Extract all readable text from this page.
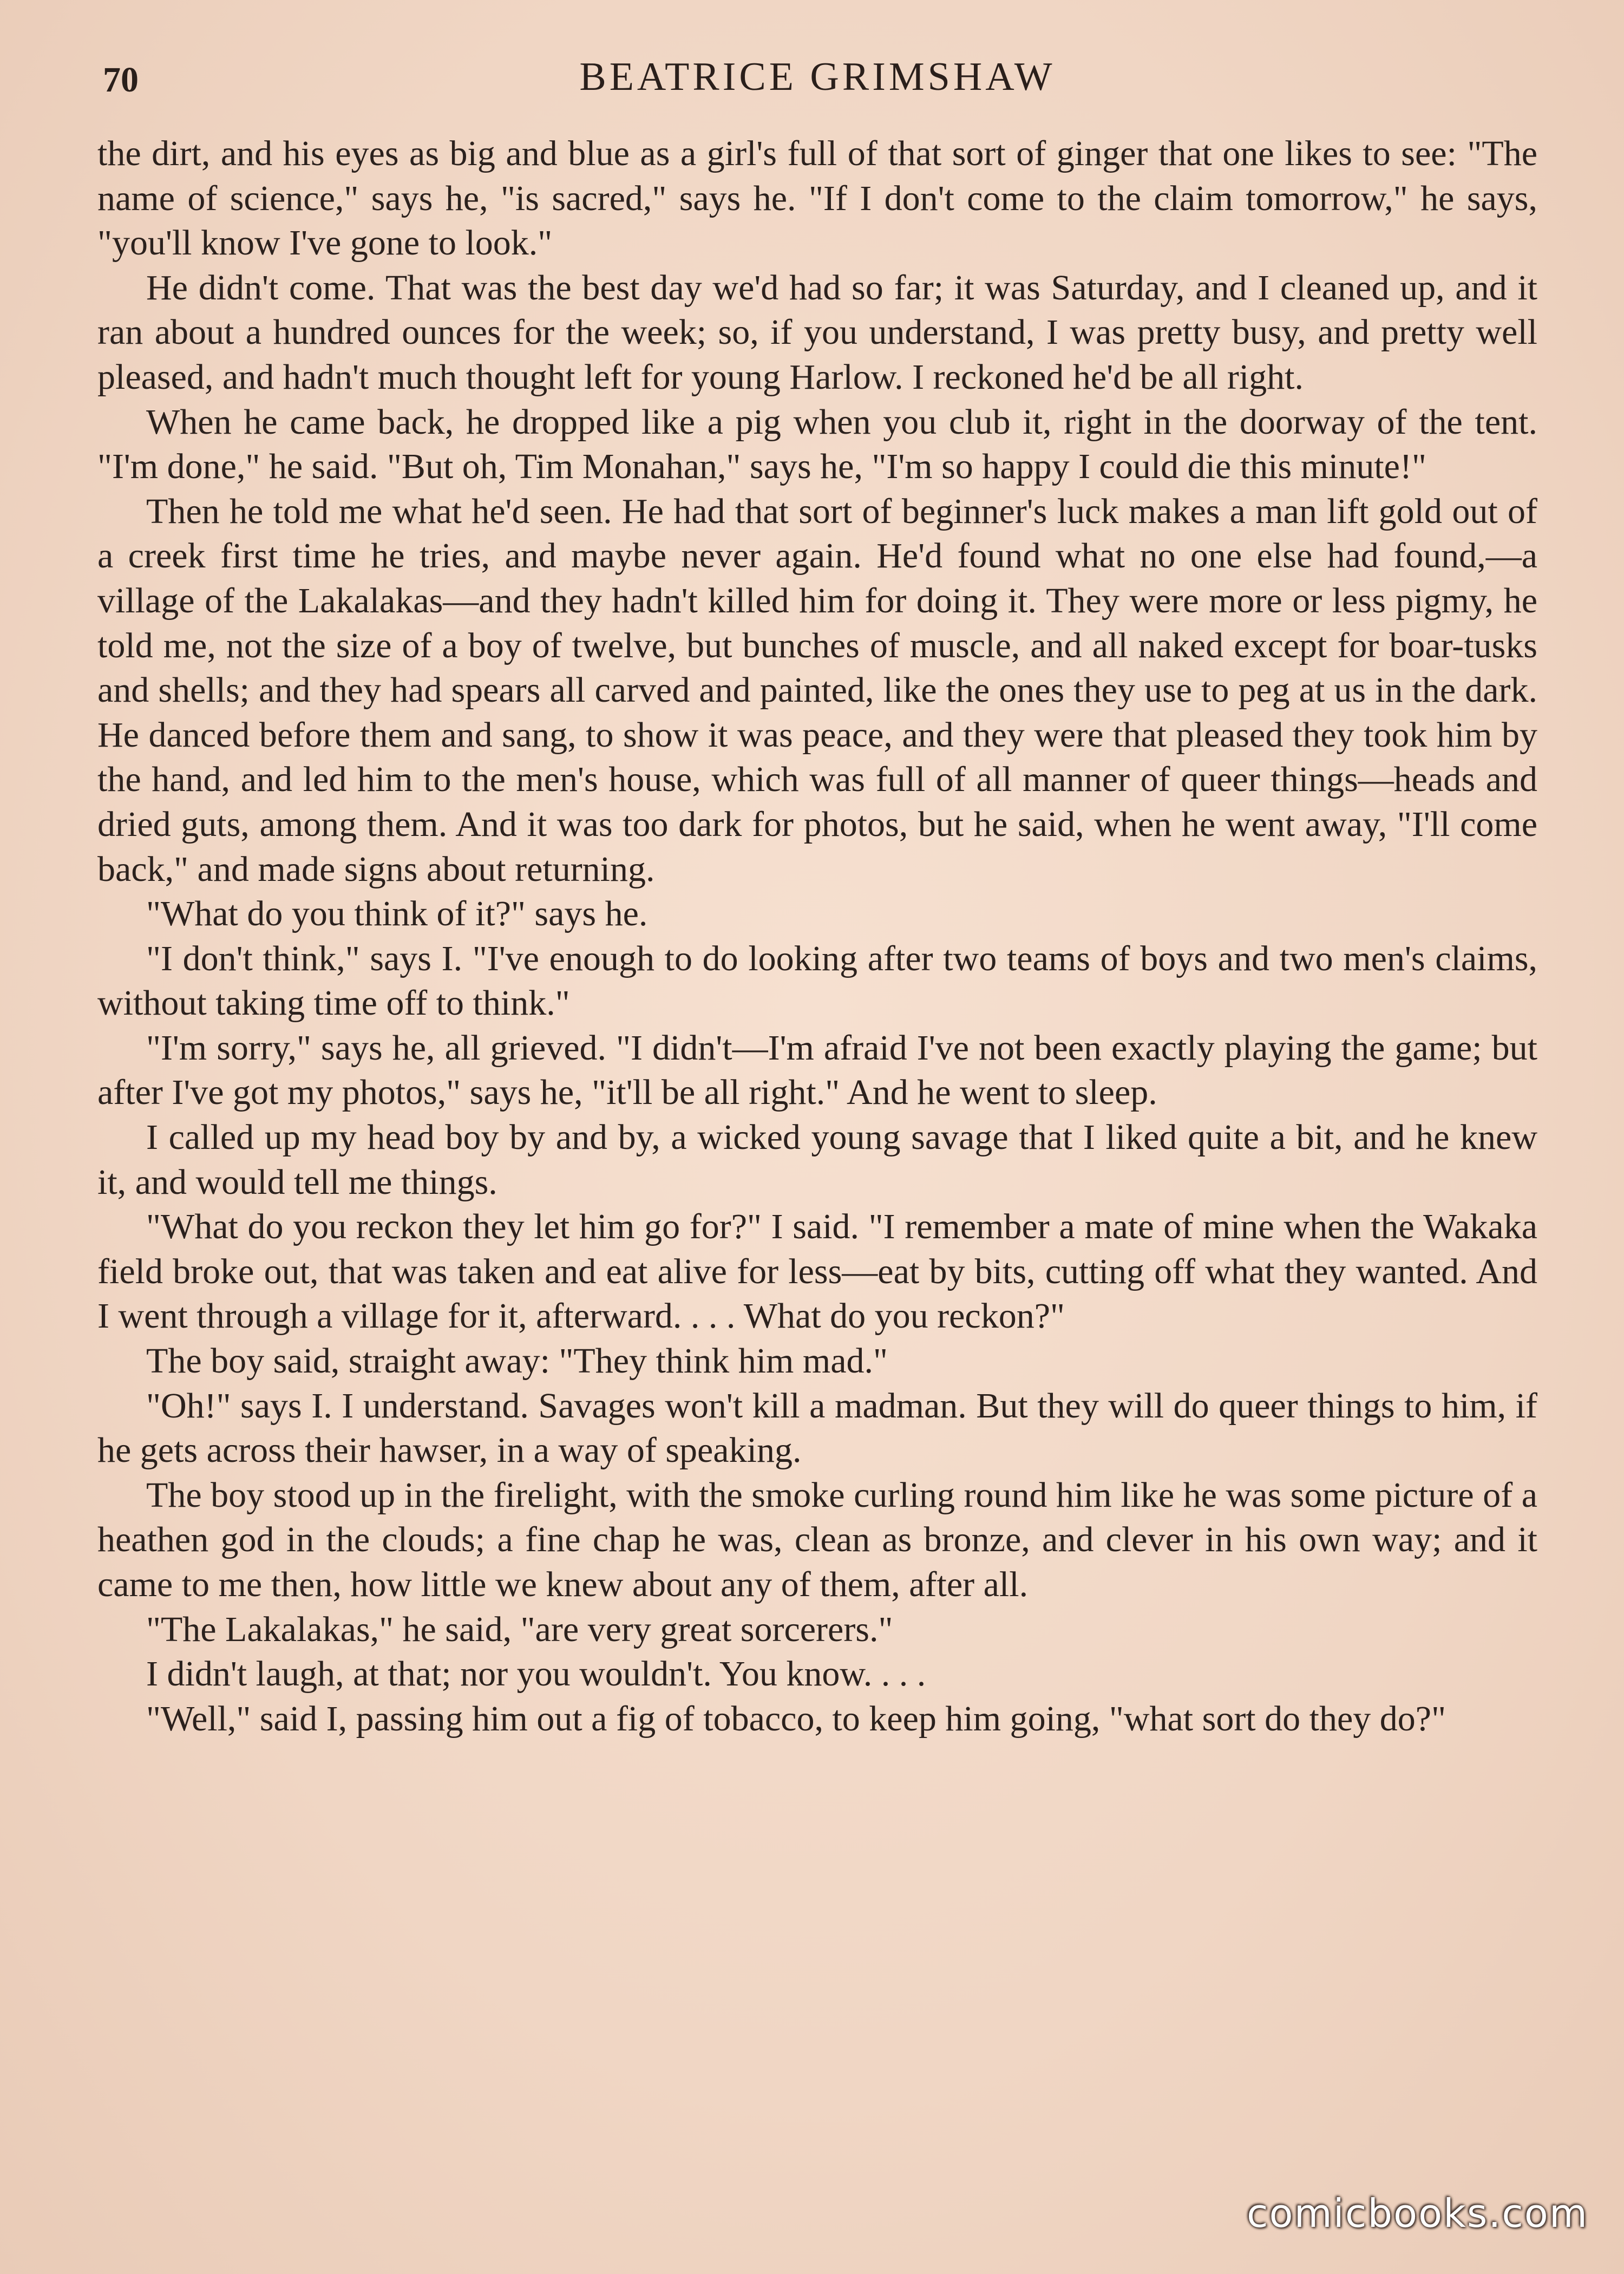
70	BEATRICE GRIMSHAW

the dirt, and his eyes as big and blue as a girl's full of that sort of ginger that one likes to see: "The name of science," says he, "is sacred," says he. "If I don't come to the claim tomorrow," he says, "you'll know I've gone to look."

He didn't come. That was the best day we'd had so far; it was Saturday, and I cleaned up, and it ran about a hundred ounces for the week; so, if you understand, I was pretty busy, and pretty well pleased, and hadn't much thought left for young Harlow. I reckoned he'd be all right.

When he came back, he dropped like a pig when you club it, right in the doorway of the tent. "I'm done," he said. "But oh, Tim Monahan," says he, "I'm so happy I could die this minute!"

Then he told me what he'd seen. He had that sort of beginner's luck makes a man lift gold out of a creek first time he tries, and maybe never again. He'd found what no one else had found,—a village of the Lakalakas—and they hadn't killed him for doing it. They were more or less pigmy, he told me, not the size of a boy of twelve, but bunches of muscle, and all naked except for boar-tusks and shells; and they had spears all carved and painted, like the ones they use to peg at us in the dark. He danced before them and sang, to show it was peace, and they were that pleased they took him by the hand, and led him to the men's house, which was full of all manner of queer things—heads and dried guts, among them. And it was too dark for photos, but he said, when he went away, "I'll come back," and made signs about returning.

"What do you think of it?" says he.

"I don't think," says I. "I've enough to do looking after two teams of boys and two men's claims, without taking time off to think."

"I'm sorry," says he, all grieved. "I didn't—I'm afraid I've not been exactly playing the game; but after I've got my photos," says he, "it'll be all right." And he went to sleep.

I called up my head boy by and by, a wicked young savage that I liked quite a bit, and he knew it, and would tell me things.

"What do you reckon they let him go for?" I said. "I remember a mate of mine when the Wakaka field broke out, that was taken and eat alive for less—eat by bits, cutting off what they wanted. And I went through a village for it, afterward. . . . What do you reckon?"

The boy said, straight away: "They think him mad."

"Oh!" says I. I understand. Savages won't kill a madman. But they will do queer things to him, if he gets across their hawser, in a way of speaking.

The boy stood up in the firelight, with the smoke curling round him like he was some picture of a heathen god in the clouds; a fine chap he was, clean as bronze, and clever in his own way; and it came to me then, how little we knew about any of them, after all.

"The Lakalakas," he said, "are very great sorcerers."

I didn't laugh, at that; nor you wouldn't. You know. . . .

"Well," said I, passing him out a fig of tobacco, to keep him going, "what sort do they do?"

comicbooks.com
